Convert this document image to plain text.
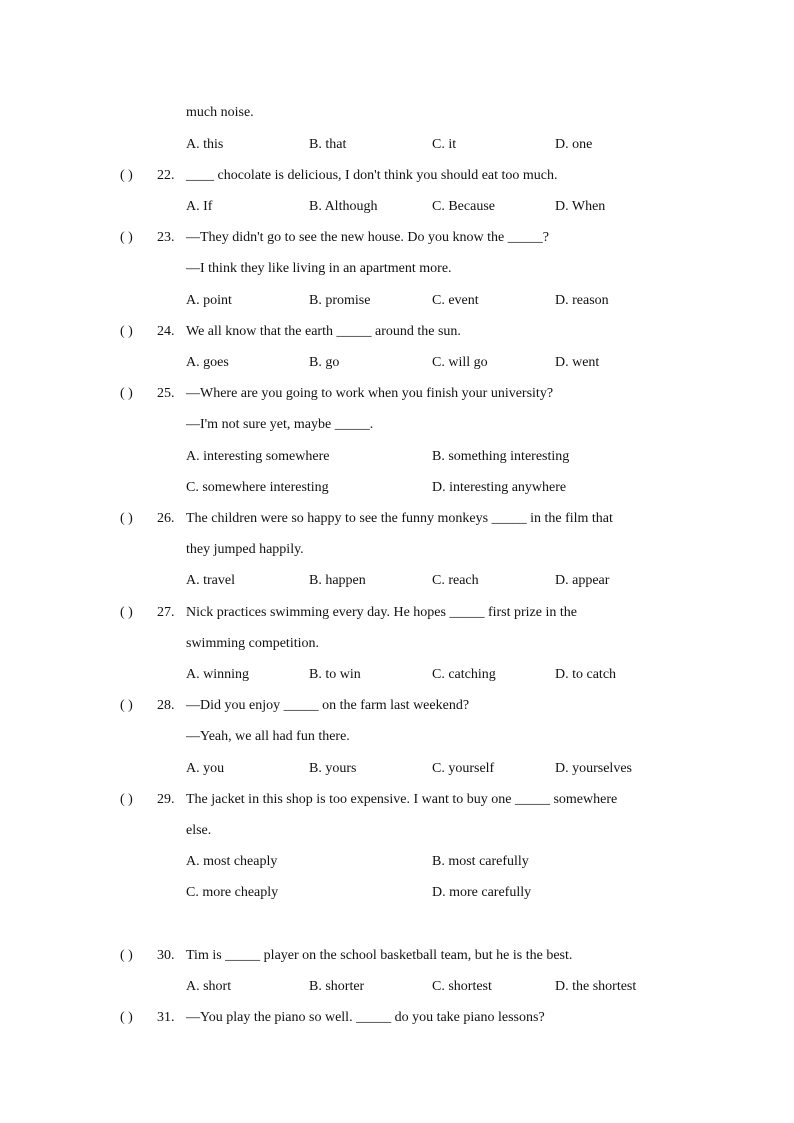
much noise.
A. this	B. that	C. it	D. one
( ) 22. ____ chocolate is delicious, I don't think you should eat too much.
A. If	B. Although	C. Because	D. When
( ) 23. —They didn't go to see the new house. Do you know the _____?
—I think they like living in an apartment more.
A. point	B. promise	C. event	D. reason
( ) 24. We all know that the earth _____ around the sun.
A. goes	B. go	C. will go	D. went
( ) 25. —Where are you going to work when you finish your university?
—I'm not sure yet, maybe _____.
A. interesting somewhere	B. something interesting
C. somewhere interesting	D. interesting anywhere
( ) 26. The children were so happy to see the funny monkeys _____ in the film that
they jumped happily.
A. travel	B. happen	C. reach	D. appear
( ) 27. Nick practices swimming every day. He hopes _____ first prize in the
swimming competition.
A. winning	B. to win	C. catching	D. to catch
( ) 28. —Did you enjoy _____ on the farm last weekend?
—Yeah, we all had fun there.
A. you	B. yours	C. yourself	D. yourselves
( ) 29. The jacket in this shop is too expensive. I want to buy one _____ somewhere
else.
A. most cheaply	B. most carefully
C. more cheaply	D. more carefully
( ) 30. Tim is _____ player on the school basketball team, but he is the best.
A. short	B. shorter	C. shortest	D. the shortest
( ) 31. —You play the piano so well. _____ do you take piano lessons?
